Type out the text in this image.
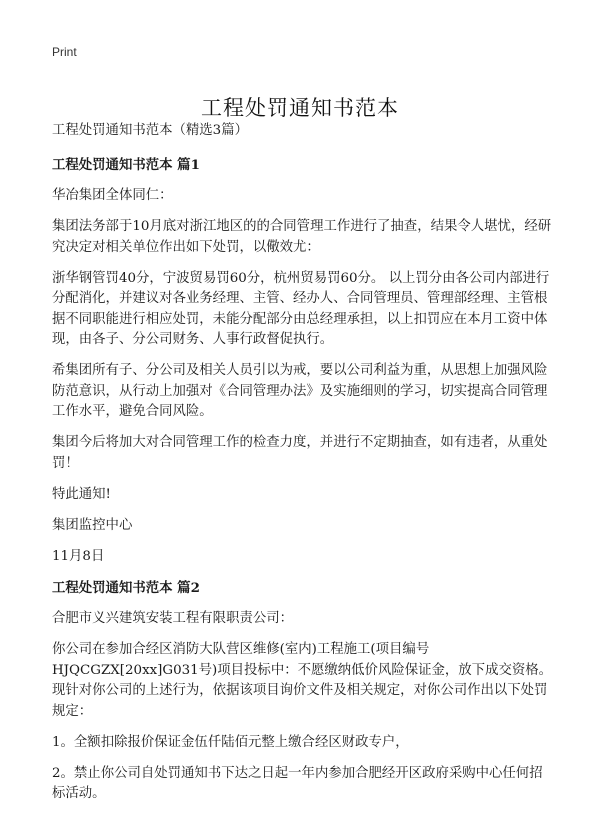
Print
工程处罚通知书范本

工程处罚通知书范本（精选3篇）

工程处罚通知书范本 篇1

华冶集团全体同仁：

集团法务部于10月底对浙江地区的的合同管理工作进行了抽查，结果令人堪忧，经研究决定对相关单位作出如下处罚，以儆效尤：

浙华钢管罚40分，宁波贸易罚60分，杭州贸易罚60分。 以上罚分由各公司内部进行分配消化，并建议对各业务经理、主管、经办人、合同管理员、管理部经理、主管根据不同职能进行相应处罚，未能分配部分由总经理承担，以上扣罚应在本月工资中体现，由各子、分公司财务、人事行政督促执行。

希集团所有子、分公司及相关人员引以为戒，要以公司利益为重，从思想上加强风险防范意识，从行动上加强对《合同管理办法》及实施细则的学习，切实提高合同管理工作水平，避免合同风险。

集团今后将加大对合同管理工作的检查力度，并进行不定期抽查，如有违者，从重处罚！

特此通知!

集团监控中心

11月8日

工程处罚通知书范本 篇2

合肥市义兴建筑安装工程有限职责公司：

你公司在参加合经区消防大队营区维修(室内)工程施工(项目编号HJQCGZX[20xx]G031号)项目投标中：不愿缴纳低价风险保证金，放下成交资格。现针对你公司的上述行为，依据该项目询价文件及相关规定，对你公司作出以下处罚规定：

1。全额扣除报价保证金伍仟陆佰元整上缴合经区财政专户，

2。禁止你公司自处罚通知书下达之日起一年内参加合肥经开区政府采购中心任何招标活动。
